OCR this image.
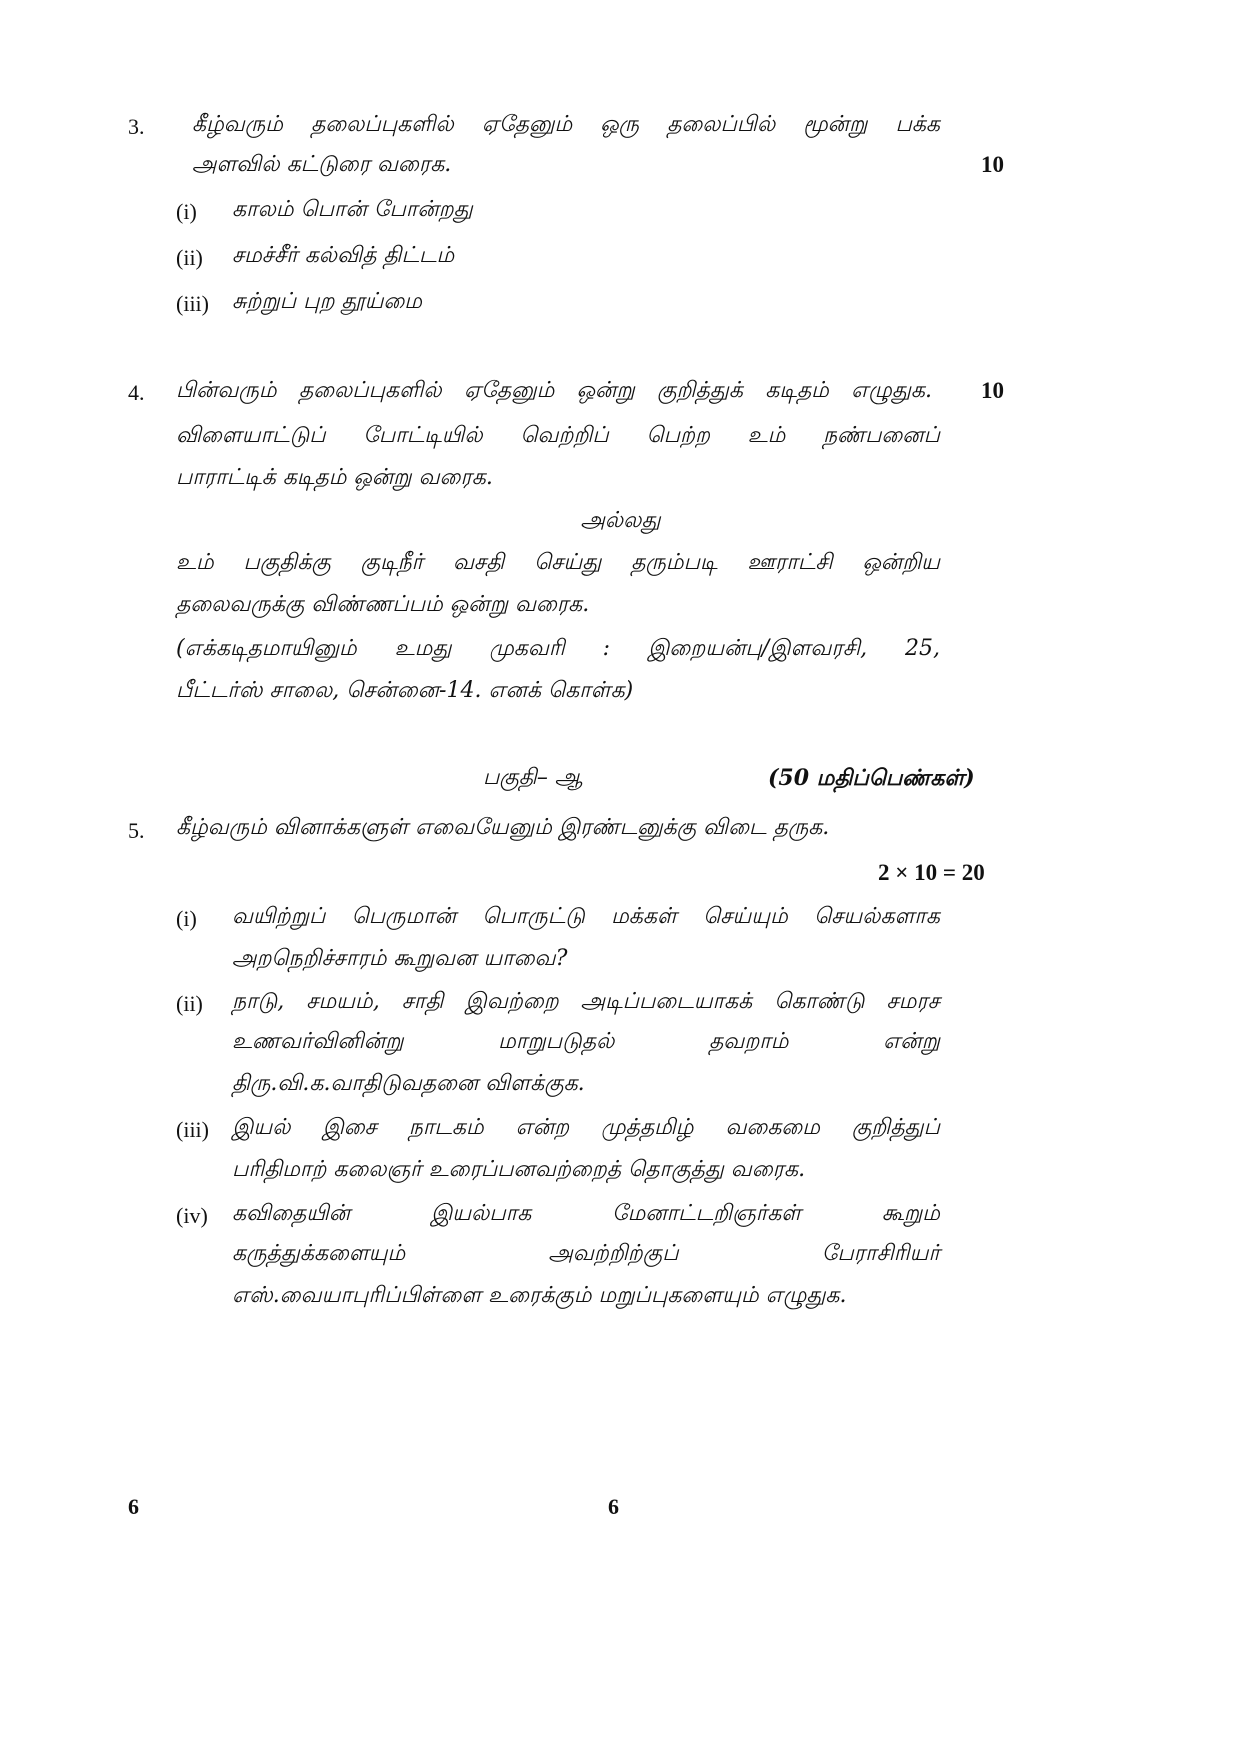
3. கீழ்வரும் தலைப்புகளில் ஏதேனும் ஒரு தலைப்பில் மூன்று பக்க
அளவில் கட்டுரை வரைக.	10
(i) காலம் பொன் போன்றது
(ii) சமச்சீர் கல்வித் திட்டம்
(iii) சுற்றுப் புற தூய்மை
4. பின்வரும் தலைப்புகளில் ஏதேனும் ஒன்று குறித்துக் கடிதம் எழுதுக. 10
விளையாட்டுப் போட்டியில் வெற்றிப் பெற்ற உம் நண்பனைப்
பாராட்டிக் கடிதம் ஒன்று வரைக.
அல்லது
உம் பகுதிக்கு குடிநீர் வசதி செய்து தரும்படி ஊராட்சி ஒன்றிய
தலைவருக்கு விண்ணப்பம் ஒன்று வரைக.
(எக்கடிதமாயினும் உமது முகவரி : இறையன்பு/இளவரசி, 25,
பீட்டர்ஸ் சாலை, சென்னை-14. எனக் கொள்க)
பகுதி– ஆ	(50 மதிப்பெண்கள்)
5. கீழ்வரும் வினாக்களுள் எவையேனும் இரண்டனுக்கு விடை தருக.
2 × 10 = 20
(i) வயிற்றுப் பெருமான் பொருட்டு மக்கள் செய்யும் செயல்களாக
அறநெறிச்சாரம் கூறுவன யாவை?
(ii) நாடு, சமயம், சாதி இவற்றை அடிப்படையாகக் கொண்டு சமரச
உணவர்வினின்று மாறுபடுதல் தவறாம் என்று
திரு.வி.க.வாதிடுவதனை விளக்குக.
(iii) இயல் இசை நாடகம் என்ற முத்தமிழ் வகைமை குறித்துப்
பரிதிமாற் கலைஞர் உரைப்பனவற்றைத் தொகுத்து வரைக.
(iv) கவிதையின் இயல்பாக மேனாட்டறிஞர்கள் கூறும்
கருத்துக்களையும் அவற்றிற்குப் பேராசிரியர்
எஸ்.வையாபுரிப்பிள்ளை உரைக்கும் மறுப்புகளையும் எழுதுக.
6	6
